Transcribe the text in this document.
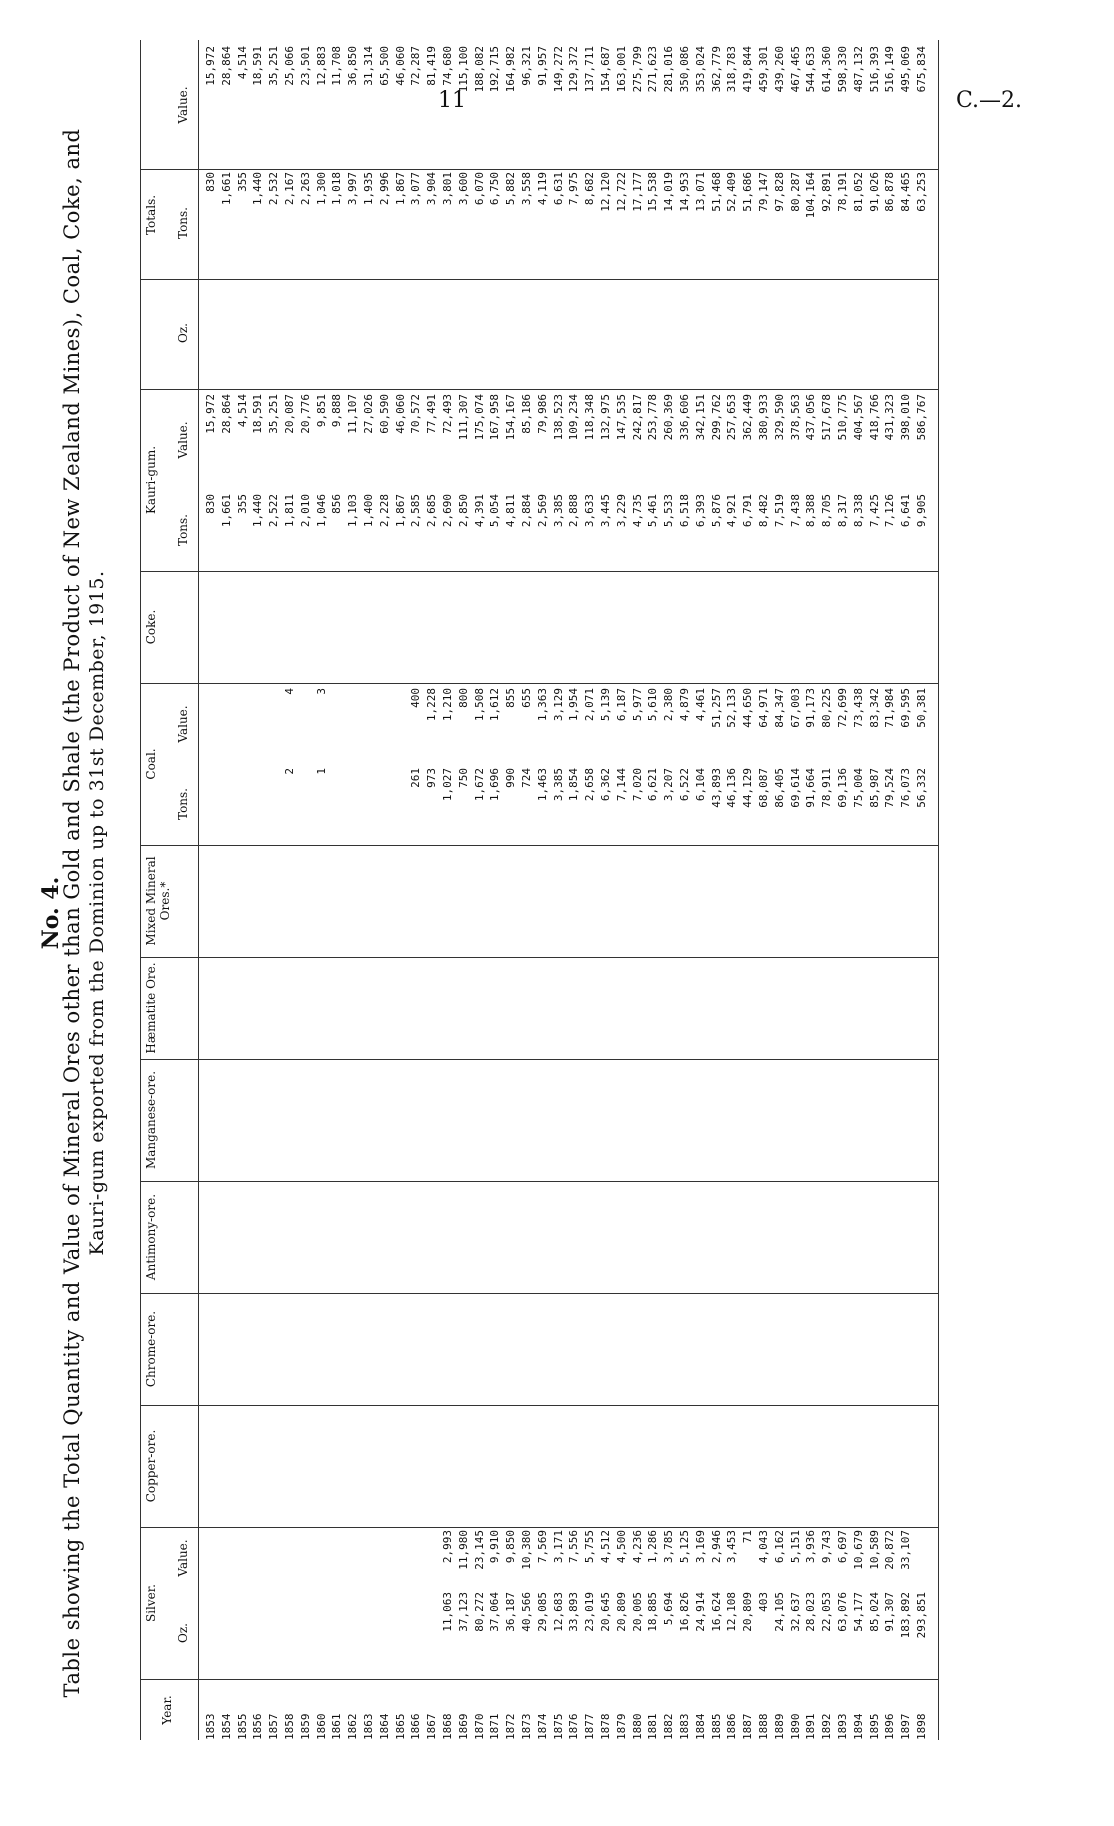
11	C.—2.
No. 4.
Table showing the Total Quantity and Value of Mineral Ores other than Gold and Shale (the Product of New Zealand Mines), Coal, Coke, and Kauri-gum exported from the Dominion up to 31st December, 1915.
Year.
Silver.
Oz.
Value.
Copper-ore.
Chrome-ore.
Antimony-ore.
Manganese-ore.
Hæmatite Ore.
Mixed Mineral Ores.*
Coal.
Tons.
Value.
Coke.
Kauri-gum.
Tons.
Value.
Totals.
Oz.
Tons.
Value.
1853
830
15,972
830
15,972
1854
1,661
28,864
1,661
28,864
1855
355
4,514
355
4,514
1856
1,440
18,591
1,440
18,591
1857
2,522
35,251
2,532
35,251
1858
2
4
1,811
20,087
2,167
25,066
1859
2,010
20,776
2,263
23,501
1860
1
3
1,046
9,851
1,300
12,883
1861
856
9,888
1,018
11,708
1862
1,103
11,107
3,997
36,850
1863
1,400
27,026
1,935
31,314
1864
2,228
60,590
2,996
65,500
1865
1,867
46,060
1,867
46,060
1866
261
400
2,585
70,572
3,077
72,287
1867
973
1,228
2,685
77,491
3,904
81,419
1868
11,063
2,993
1,027
1,210
2,690
72,493
3,801
74,680
1869
37,123
11,980
750
800
2,850
111,307
3,600
115,100
1870
80,272
23,145
1,672
1,508
4,391
175,074
6,070
188,082
1871
37,064
9,910
1,696
1,612
5,054
167,958
6,750
192,715
1872
36,187
9,850
990
855
4,811
154,167
5,882
164,982
1873
40,566
10,380
724
655
2,884
85,186
3,558
96,321
1874
29,085
7,569
1,463
1,363
2,569
79,986
4,119
91,957
1875
12,683
3,171
3,385
3,129
3,385
138,523
6,631
149,272
1876
33,893
7,556
1,854
1,954
2,888
109,234
7,975
129,372
1877
23,019
5,755
2,658
2,071
3,633
118,348
8,682
137,711
1878
20,645
4,512
6,362
5,139
3,445
132,975
12,120
154,687
1879
20,809
4,500
7,144
6,187
3,229
147,535
12,722
163,001
1880
20,005
4,236
7,020
5,977
4,735
242,817
17,177
275,799
1881
18,885
1,286
6,621
5,610
5,461
253,778
15,538
271,623
1882
5,694
3,785
3,207
2,380
5,533
260,369
14,019
281,016
1883
16,826
5,125
6,522
4,879
6,518
336,606
14,953
350,086
1884
24,914
3,169
6,104
4,461
6,393
342,151
13,071
353,024
1885
16,624
2,946
43,893
51,257
5,876
299,762
51,468
362,779
1886
12,108
3,453
46,136
52,133
4,921
257,653
52,409
318,783
1887
20,809
71
44,129
44,650
6,791
362,449
51,686
419,844
1888
403
4,043
68,087
64,971
8,482
380,933
79,147
459,301
1889
24,105
6,162
86,405
84,347
7,519
329,590
97,828
439,260
1890
32,637
5,151
69,614
67,003
7,438
378,563
80,287
467,465
1891
28,023
3,936
91,664
91,173
8,388
437,056
104,164
544,633
1892
22,053
9,743
78,911
80,225
8,705
517,678
92,891
614,360
1893
63,076
6,697
69,136
72,699
8,317
510,775
78,191
598,330
1894
54,177
10,679
75,004
73,438
8,338
404,567
81,052
487,132
1895
85,024
10,589
85,987
83,342
7,425
418,766
91,026
516,393
1896
91,307
20,872
79,524
71,984
7,126
431,323
86,878
516,149
1897
183,892
33,107
76,073
69,595
6,641
398,010
84,465
495,069
1898
293,851
56,332
50,381
9,905
586,767
63,253
675,834
